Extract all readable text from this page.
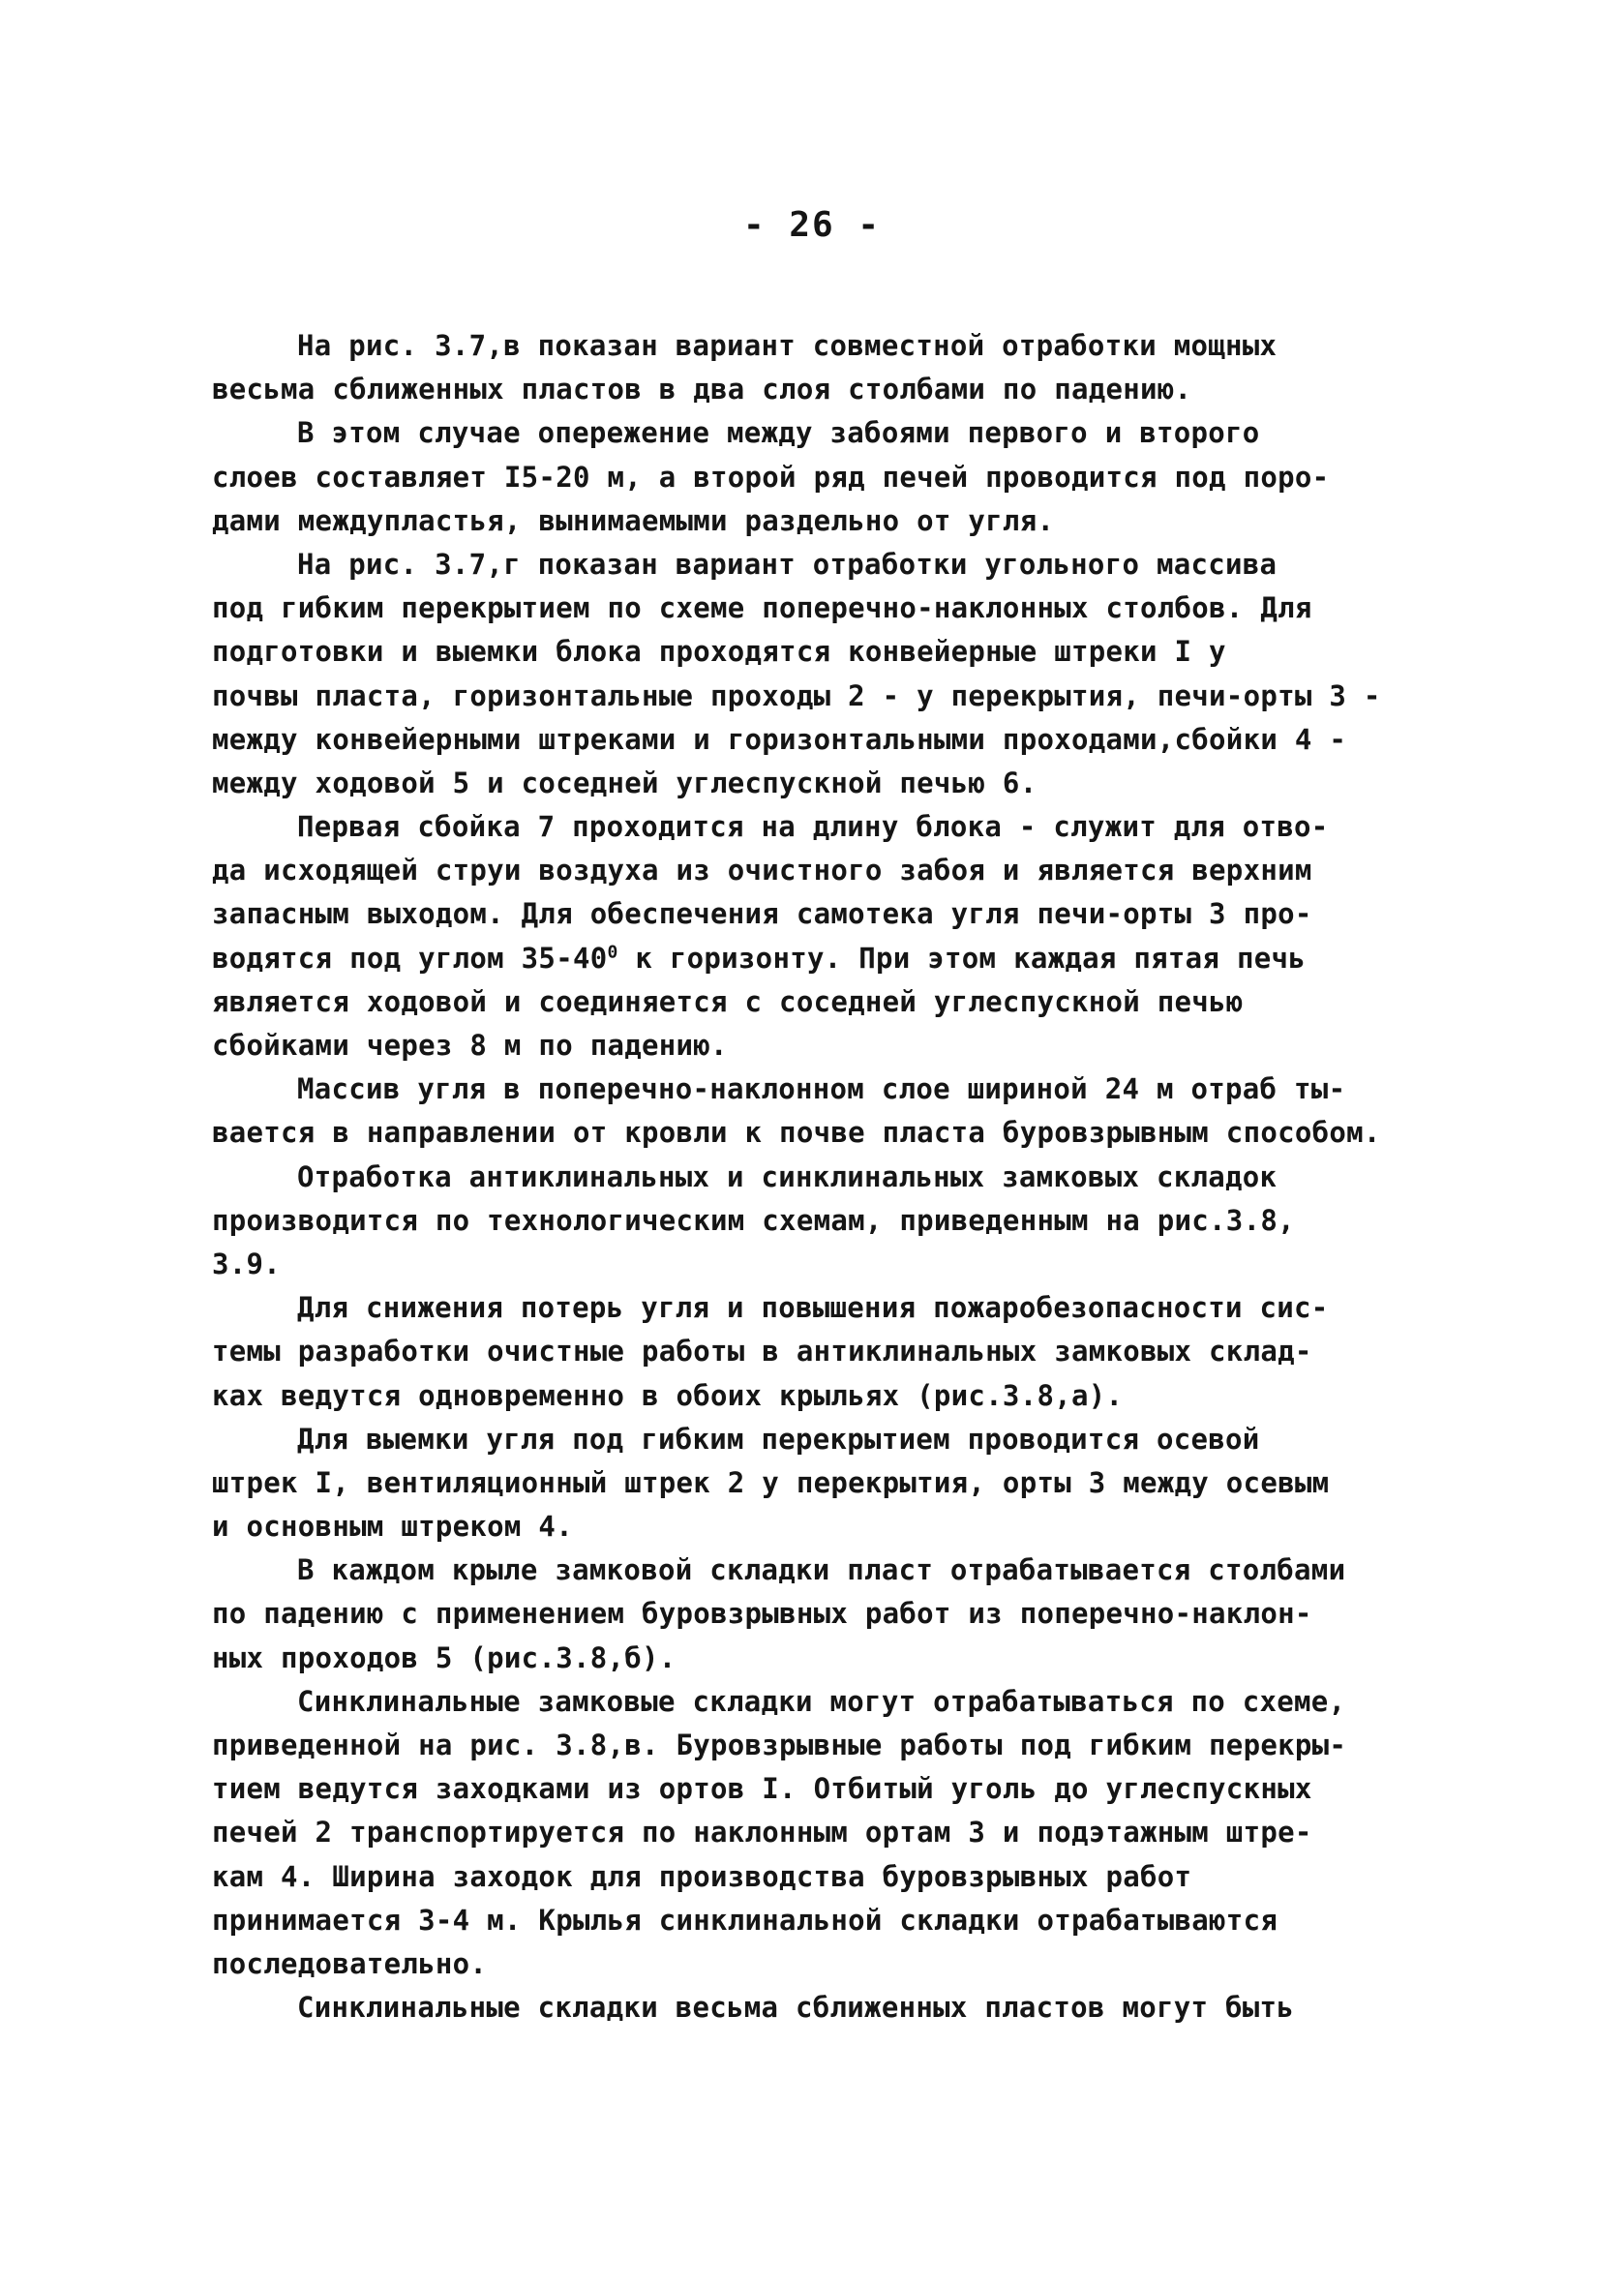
- 26 -

На рис. 3.7,в показан вариант совместной отработки мощных
весьма сближенных пластов в два слоя столбами по падению.
В этом случае опережение между забоями первого и второго
слоев составляет I5-20 м, а второй ряд печей проводится под поро-
дами междупластья, вынимаемыми раздельно от угля.
На рис. 3.7,г показан вариант отработки угольного массива
под гибким перекрытием по схеме поперечно-наклонных столбов. Для
подготовки и выемки блока проходятся конвейерные штреки I у
почвы пласта, горизонтальные проходы 2 - у перекрытия, печи-орты 3 -
между конвейерными штреками и горизонтальными проходами,сбойки 4 -
между ходовой 5 и соседней углеспускной печью 6.
Первая сбойка 7 проходится на длину блока - служит для отво-
да исходящей струи воздуха из очистного забоя и является верхним
запасным выходом. Для обеспечения самотека угля печи-орты 3 про-
водятся под углом $35-40^0$ к горизонту. При этом каждая пятая печь
является ходовой и соединяется с соседней углеспускной печью
сбойками через 8 м по падению.
Массив угля в поперечно-наклонном слое шириной 24 м отраб ты-
вается в направлении от кровли к почве пласта буровзрывным способом.
Отработка антиклинальных и синклинальных замковых складок
производится по технологическим схемам, приведенным на рис.3.8,
3.9.
Для снижения потерь угля и повышения пожаробезопасности сис-
темы разработки очистные работы в антиклинальных замковых склад-
ках ведутся одновременно в обоих крыльях (рис.3.8,а).
Для выемки угля под гибким перекрытием проводится осевой
штрек I, вентиляционный штрек 2 у перекрытия, орты 3 между осевым
и основным штреком 4.
В каждом крыле замковой складки пласт отрабатывается столбами
по падению с применением буровзрывных работ из поперечно-наклон-
ных проходов 5 (рис.3.8,б).
Синклинальные замковые складки могут отрабатываться по схеме,
приведенной на рис. 3.8,в. Буровзрывные работы под гибким перекры-
тием ведутся заходками из ортов I. Отбитый уголь до углеспускных
печей 2 транспортируется по наклонным ортам 3 и подэтажным штре-
кам 4. Ширина заходок для производства буровзрывных работ
принимается 3-4 м. Крылья синклинальной складки отрабатываются
последовательно.
Синклинальные складки весьма сближенных пластов могут быть
